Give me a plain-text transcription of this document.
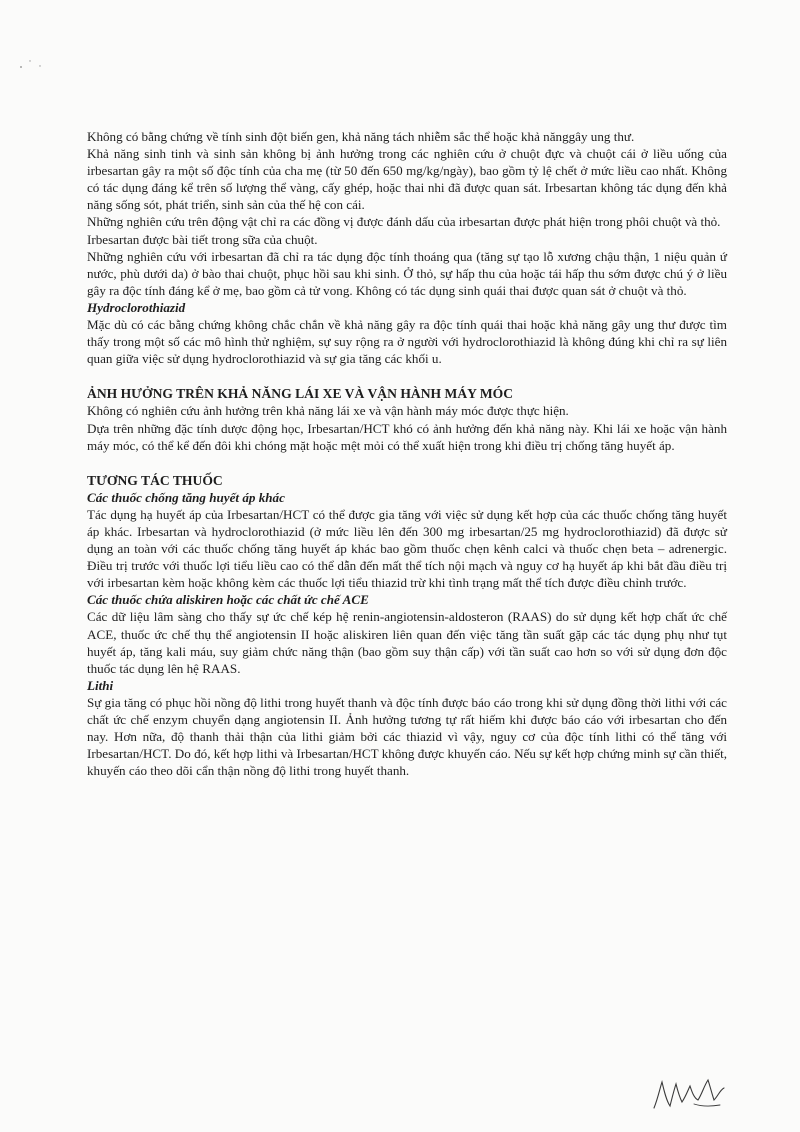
Không có bằng chứng về tính sinh đột biến gen, khả năng tách nhiễm sắc thể hoặc khả nănggây ung thư.

Khả năng sinh tinh và sinh sản không bị ảnh hưởng trong các nghiên cứu ở chuột đực và chuột cái ở liều uống của irbesartan gây ra một số độc tính của cha mẹ (từ 50 đến 650 mg/kg/ngày), bao gồm tỷ lệ chết ở mức liều cao nhất. Không có tác dụng đáng kể trên số lượng thể vàng, cấy ghép, hoặc thai nhi đã được quan sát. Irbesartan không tác dụng đến khả năng sống sót, phát triển, sinh sản của thế hệ con cái.

Những nghiên cứu trên động vật chỉ ra các đồng vị được đánh dấu của irbesartan được phát hiện trong phôi chuột và thỏ.

Irbesartan được bài tiết trong sữa của chuột.

Những nghiên cứu với irbesartan đã chỉ ra tác dụng độc tính thoáng qua (tăng sự tạo lỗ xương chậu thận, 1 niệu quản ứ nước, phù dưới da) ở bào thai chuột, phục hồi sau khi sinh. Ở thỏ, sự hấp thu của hoặc tái hấp thu sớm được chú ý ở liều gây ra độc tính đáng kể ở mẹ, bao gồm cả tử vong. Không có tác dụng sinh quái thai được quan sát ở chuột và thỏ.

Hydroclorothiazid

Mặc dù có các bằng chứng không chắc chắn về khả năng gây ra độc tính quái thai hoặc khả năng gây ung thư được tìm thấy trong một số các mô hình thử nghiệm, sự suy rộng ra ở người với hydroclorothiazid là không đúng khi chỉ ra sự liên quan giữa việc sử dụng hydroclorothiazid và sự gia tăng các khối u.

ẢNH HƯỞNG TRÊN KHẢ NĂNG LÁI XE VÀ VẬN HÀNH MÁY MÓC

Không có nghiên cứu ảnh hưởng trên khả năng lái xe và vận hành máy móc được thực hiện.

Dựa trên những đặc tính dược động học, Irbesartan/HCT khó có ảnh hưởng đến khả năng này. Khi lái xe hoặc vận hành máy móc, có thể kể đến đôi khi chóng mặt hoặc mệt mỏi có thể xuất hiện trong khi điều trị chống tăng huyết áp.

TƯƠNG TÁC THUỐC
Các thuốc chống tăng huyết áp khác

Tác dụng hạ huyết áp của Irbesartan/HCT có thể được gia tăng với việc sử dụng kết hợp của các thuốc chống tăng huyết áp khác. Irbesartan và hydroclorothiazid (ở mức liều lên đến 300 mg irbesartan/25 mg hydroclorothiazid) đã được sử dụng an toàn với các thuốc chống tăng huyết áp khác bao gồm thuốc chẹn kênh calci và thuốc chẹn beta – adrenergic. Điều trị trước với thuốc lợi tiểu liều cao có thể dẫn đến mất thể tích nội mạch và nguy cơ hạ huyết áp khi bắt đầu điều trị với irbesartan kèm hoặc không kèm các thuốc lợi tiểu thiazid trừ khi tình trạng mất thể tích được điều chỉnh trước.

Các thuốc chứa aliskiren hoặc các chất ức chế ACE

Các dữ liệu lâm sàng cho thấy sự ức chế kép hệ renin-angiotensin-aldosteron (RAAS) do sử dụng kết hợp chất ức chế ACE, thuốc ức chế thụ thể angiotensin II hoặc aliskiren liên quan đến việc tăng tần suất gặp các tác dụng phụ như tụt huyết áp, tăng kali máu, suy giảm chức năng thận (bao gồm suy thận cấp) với tần suất cao hơn so với sử dụng đơn độc thuốc tác dụng lên hệ RAAS.

Lithi

Sự gia tăng có phục hồi nồng độ lithi trong huyết thanh và độc tính được báo cáo trong khi sử dụng đồng thời lithi với các chất ức chế enzym chuyển dạng angiotensin II. Ảnh hưởng tương tự rất hiếm khi được báo cáo với irbesartan cho đến nay. Hơn nữa, độ thanh thải thận của lithi giảm bởi các thiazid vì vậy, nguy cơ của độc tính lithi có thể tăng với Irbesartan/HCT. Do đó, kết hợp lithi và Irbesartan/HCT không được khuyến cáo. Nếu sự kết hợp chứng minh sự cần thiết, khuyến cáo theo dõi cẩn thận nồng độ lithi trong huyết thanh.
